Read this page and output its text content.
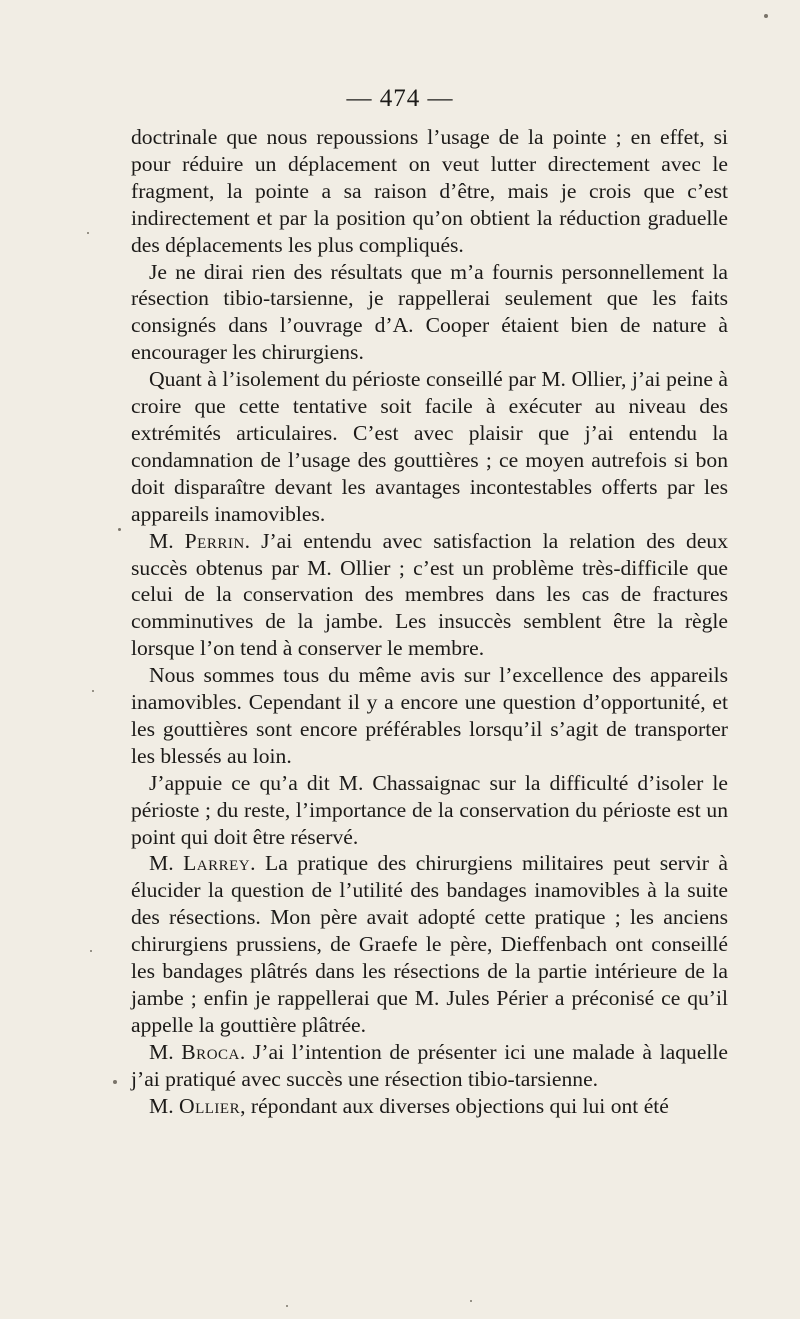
— 474 —

doctrinale que nous repoussions l’usage de la pointe ; en effet, si pour réduire un déplacement on veut lutter directement avec le fragment, la pointe a sa raison d’être, mais je crois que c’est indirectement et par la position qu’on obtient la réduction graduelle des déplacements les plus compliqués.

Je ne dirai rien des résultats que m’a fournis personnellement la résection tibio-tarsienne, je rappellerai seulement que les faits consignés dans l’ouvrage d’A. Cooper étaient bien de nature à encourager les chirurgiens.

Quant à l’isolement du périoste conseillé par M. Ollier, j’ai peine à croire que cette tentative soit facile à exécuter au niveau des extrémités articulaires. C’est avec plaisir que j’ai entendu la condamnation de l’usage des gouttières ; ce moyen autrefois si bon doit disparaître devant les avantages incontestables offerts par les appareils inamovibles.

M. Perrin. J’ai entendu avec satisfaction la relation des deux succès obtenus par M. Ollier ; c’est un problème très-difficile que celui de la conservation des membres dans les cas de fractures comminutives de la jambe. Les insuccès semblent être la règle lorsque l’on tend à conserver le membre.

Nous sommes tous du même avis sur l’excellence des appareils inamovibles. Cependant il y a encore une question d’opportunité, et les gouttières sont encore préférables lorsqu’il s’agit de transporter les blessés au loin.

J’appuie ce qu’a dit M. Chassaignac sur la difficulté d’isoler le périoste ; du reste, l’importance de la conservation du périoste est un point qui doit être réservé.

M. Larrey. La pratique des chirurgiens militaires peut servir à élucider la question de l’utilité des bandages inamovibles à la suite des résections. Mon père avait adopté cette pratique ; les anciens chirurgiens prussiens, de Graefe le père, Dieffenbach ont conseillé les bandages plâtrés dans les résections de la partie intérieure de la jambe ; enfin je rappellerai que M. Jules Périer a préconisé ce qu’il appelle la gouttière plâtrée.

M. Broca. J’ai l’intention de présenter ici une malade à laquelle j’ai pratiqué avec succès une résection tibio-tarsienne.

M. Ollier, répondant aux diverses objections qui lui ont été
